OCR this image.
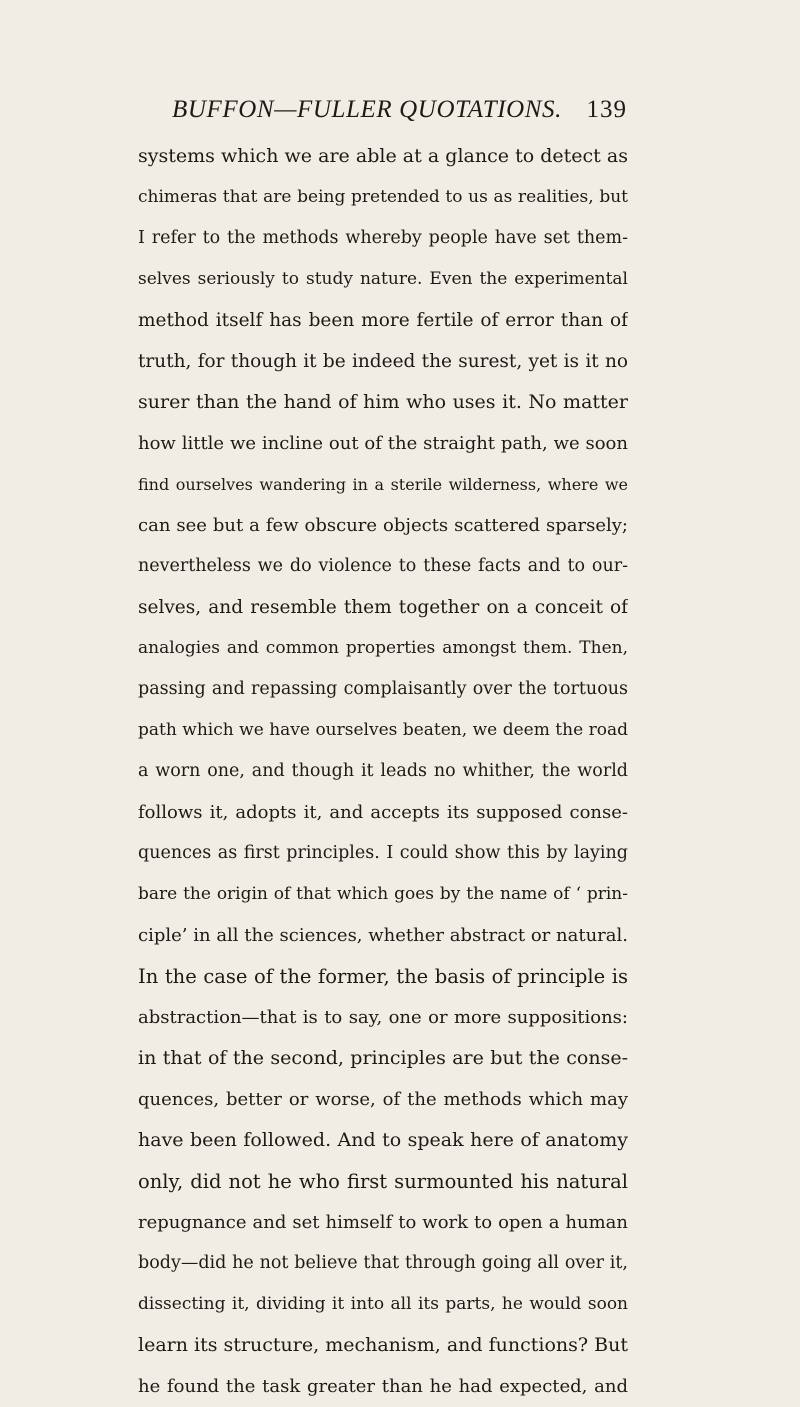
BUFFON—FULLER QUOTATIONS. 139
systems which we are able at a glance to detect as
chimeras that are being pretended to us as realities, but
I refer to the methods whereby people have set them-
selves seriously to study nature. Even the experimental
method itself has been more fertile of error than of
truth, for though it be indeed the surest, yet is it no
surer than the hand of him who uses it. No matter
how little we incline out of the straight path, we soon
find ourselves wandering in a sterile wilderness, where we
can see but a few obscure objects scattered sparsely;
nevertheless we do violence to these facts and to our-
selves, and resemble them together on a conceit of
analogies and common properties amongst them. Then,
passing and repassing complaisantly over the tortuous
path which we have ourselves beaten, we deem the road
a worn one, and though it leads no whither, the world
follows it, adopts it, and accepts its supposed conse-
quences as first principles. I could show this by laying
bare the origin of that which goes by the name of ‘ prin-
ciple’ in all the sciences, whether abstract or natural.
In the case of the former, the basis of principle is
abstraction—that is to say, one or more suppositions:
in that of the second, principles are but the conse-
quences, better or worse, of the methods which may
have been followed. And to speak here of anatomy
only, did not he who first surmounted his natural
repugnance and set himself to work to open a human
body—did he not believe that through going all over it,
dissecting it, dividing it into all its parts, he would soon
learn its structure, mechanism, and functions? But
he found the task greater than he had expected, and
